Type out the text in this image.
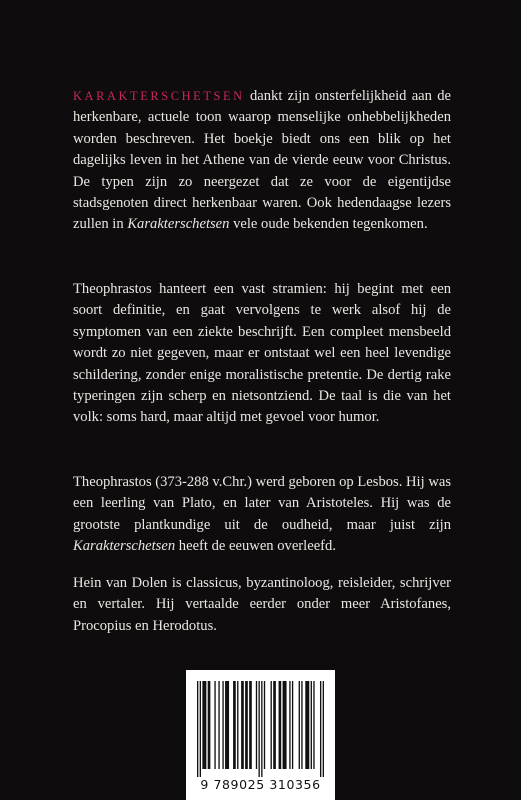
KARAKTERSCHETSEN dankt zijn onsterfelijkheid aan de herkenbare, actuele toon waarop menselijke onhebbelijkheden worden beschreven. Het boekje biedt ons een blik op het dagelijks leven in het Athene van de vierde eeuw voor Christus. De typen zijn zo neergezet dat ze voor de eigentijdse stadsgenoten direct herkenbaar waren. Ook hedendaagse lezers zullen in Karakterschetsen vele oude bekenden tegenkomen.

Theophrastos hanteert een vast stramien: hij begint met een soort definitie, en gaat vervolgens te werk alsof hij de symptomen van een ziekte beschrijft. Een compleet mensbeeld wordt zo niet gegeven, maar er ontstaat wel een heel levendige schildering, zonder enige moralistische pretentie. De dertig rake typeringen zijn scherp en nietsontziend. De taal is die van het volk: soms hard, maar altijd met gevoel voor humor.

Theophrastos (373-288 v.Chr.) werd geboren op Lesbos. Hij was een leerling van Plato, en later van Aristoteles. Hij was de grootste plantkundige uit de oudheid, maar juist zijn Karakterschetsen heeft de eeuwen overleefd.

Hein van Dolen is classicus, byzantinoloog, reisleider, schrijver en vertaler. Hij vertaalde eerder onder meer Aristofanes, Procopius en Herodotus.

9 789025 310356
